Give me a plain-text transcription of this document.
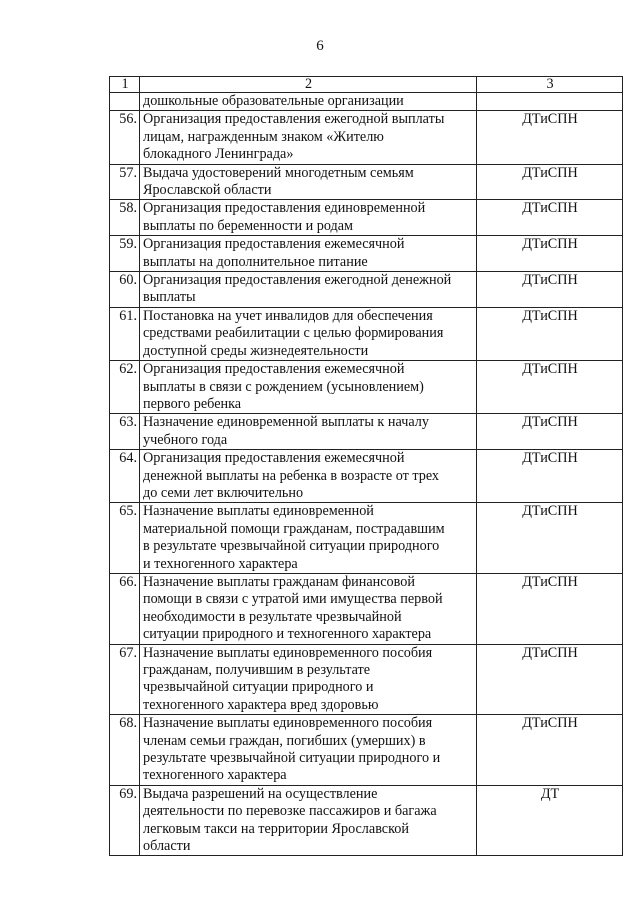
6
1	2	3
	дошкольные образовательные организации	
56.	Организация предоставления ежегодной выплаты
лицам, награжденным знаком «Жителю
блокадного Ленинграда»	ДТиСПН
57.	Выдача удостоверений многодетным семьям
Ярославской области	ДТиСПН
58.	Организация предоставления единовременной
выплаты по беременности и родам	ДТиСПН
59.	Организация предоставления ежемесячной
выплаты на дополнительное питание	ДТиСПН
60.	Организация предоставления ежегодной денежной
выплаты	ДТиСПН
61.	Постановка на учет инвалидов для обеспечения
средствами реабилитации с целью формирования
доступной среды жизнедеятельности	ДТиСПН
62.	Организация предоставления ежемесячной
выплаты в связи с рождением (усыновлением)
первого ребенка	ДТиСПН
63.	Назначение единовременной выплаты к началу
учебного года	ДТиСПН
64.	Организация предоставления ежемесячной
денежной выплаты на ребенка в возрасте от трех
до семи лет включительно	ДТиСПН
65.	Назначение выплаты единовременной
материальной помощи гражданам, пострадавшим
в результате чрезвычайной ситуации природного
и техногенного характера	ДТиСПН
66.	Назначение выплаты гражданам финансовой
помощи в связи с утратой ими имущества первой
необходимости в результате чрезвычайной
ситуации природного и техногенного характера	ДТиСПН
67.	Назначение выплаты единовременного пособия
гражданам, получившим в результате
чрезвычайной ситуации природного и
техногенного характера вред здоровью	ДТиСПН
68.	Назначение выплаты единовременного пособия
членам семьи граждан, погибших (умерших) в
результате чрезвычайной ситуации природного и
техногенного характера	ДТиСПН
69.	Выдача разрешений на осуществление
деятельности по перевозке пассажиров и багажа
легковым такси на территории Ярославской
области	ДТ
